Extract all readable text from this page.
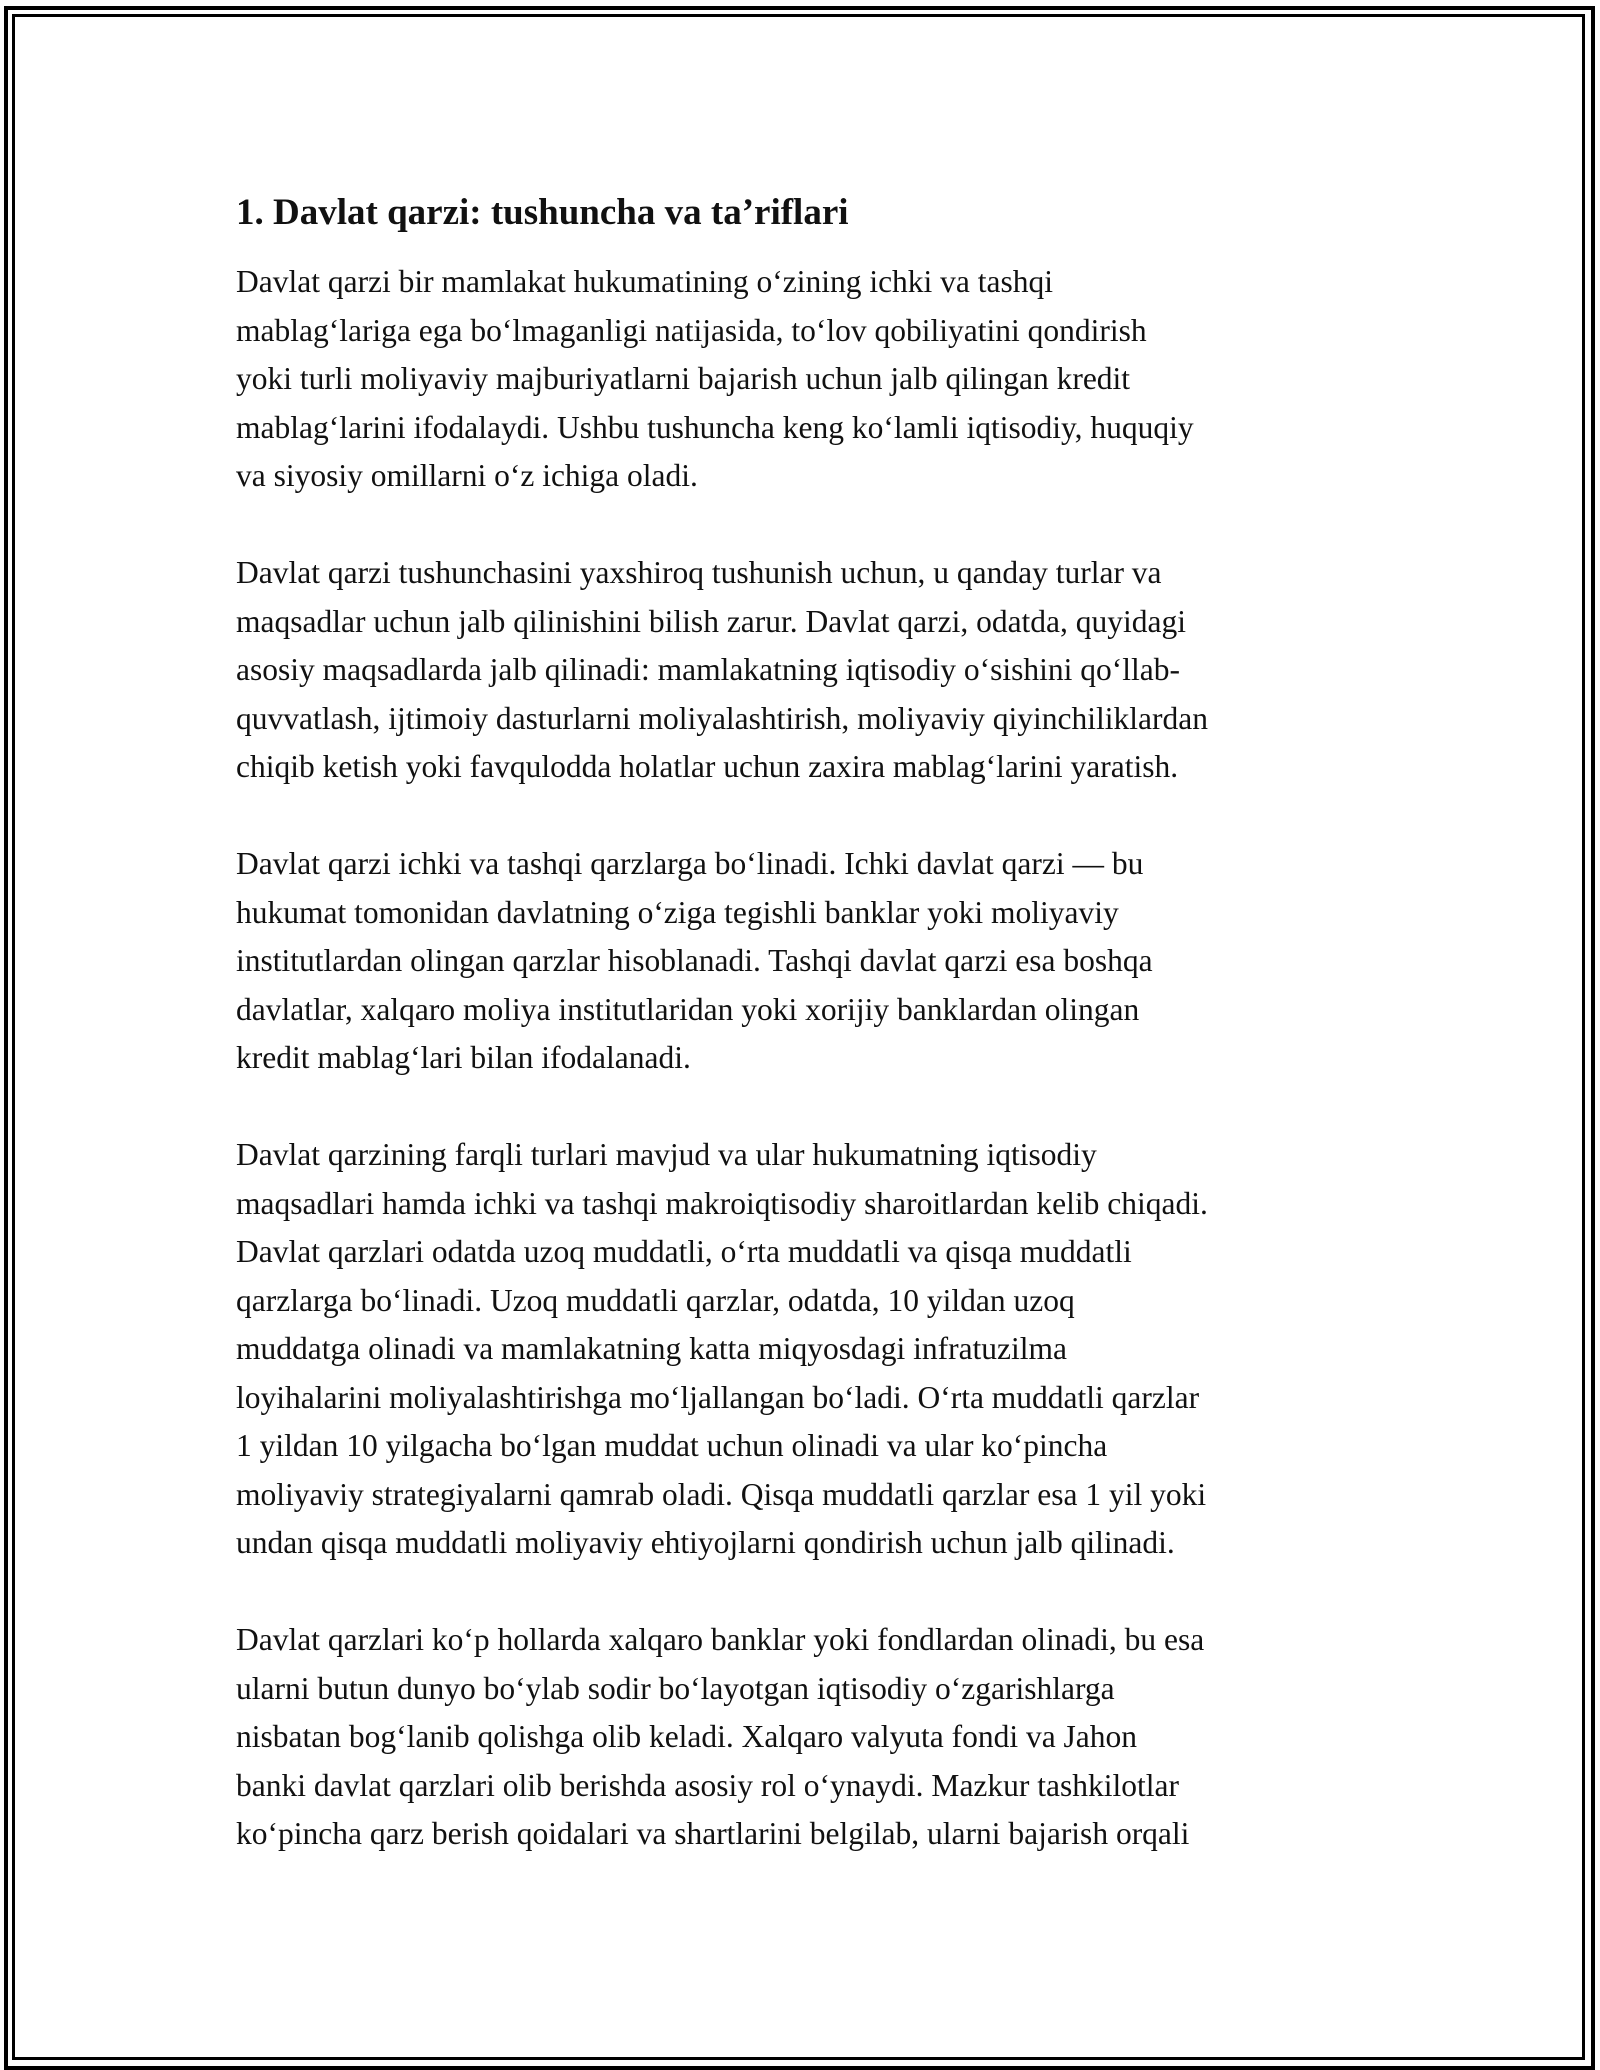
1. Davlat qarzi: tushuncha va ta’riflari

Davlat qarzi bir mamlakat hukumatining o‘zining ichki va tashqi
mablag‘lariga ega bo‘lmaganligi natijasida, to‘lov qobiliyatini qondirish
yoki turli moliyaviy majburiyatlarni bajarish uchun jalb qilingan kredit
mablag‘larini ifodalaydi. Ushbu tushuncha keng ko‘lamli iqtisodiy, huquqiy
va siyosiy omillarni o‘z ichiga oladi.

Davlat qarzi tushunchasini yaxshiroq tushunish uchun, u qanday turlar va
maqsadlar uchun jalb qilinishini bilish zarur. Davlat qarzi, odatda, quyidagi
asosiy maqsadlarda jalb qilinadi: mamlakatning iqtisodiy o‘sishini qo‘llab-
quvvatlash, ijtimoiy dasturlarni moliyalashtirish, moliyaviy qiyinchiliklardan
chiqib ketish yoki favqulodda holatlar uchun zaxira mablag‘larini yaratish.

Davlat qarzi ichki va tashqi qarzlarga bo‘linadi. Ichki davlat qarzi — bu
hukumat tomonidan davlatning o‘ziga tegishli banklar yoki moliyaviy
institutlardan olingan qarzlar hisoblanadi. Tashqi davlat qarzi esa boshqa
davlatlar, xalqaro moliya institutlaridan yoki xorijiy banklardan olingan
kredit mablag‘lari bilan ifodalanadi.

Davlat qarzining farqli turlari mavjud va ular hukumatning iqtisodiy
maqsadlari hamda ichki va tashqi makroiqtisodiy sharoitlardan kelib chiqadi.
Davlat qarzlari odatda uzoq muddatli, o‘rta muddatli va qisqa muddatli
qarzlarga bo‘linadi. Uzoq muddatli qarzlar, odatda, 10 yildan uzoq
muddatga olinadi va mamlakatning katta miqyosdagi infratuzilma
loyihalarini moliyalashtirishga mo‘ljallangan bo‘ladi. O‘rta muddatli qarzlar
1 yildan 10 yilgacha bo‘lgan muddat uchun olinadi va ular ko‘pincha
moliyaviy strategiyalarni qamrab oladi. Qisqa muddatli qarzlar esa 1 yil yoki
undan qisqa muddatli moliyaviy ehtiyojlarni qondirish uchun jalb qilinadi.

Davlat qarzlari ko‘p hollarda xalqaro banklar yoki fondlardan olinadi, bu esa
ularni butun dunyo bo‘ylab sodir bo‘layotgan iqtisodiy o‘zgarishlarga
nisbatan bog‘lanib qolishga olib keladi. Xalqaro valyuta fondi va Jahon
banki davlat qarzlari olib berishda asosiy rol o‘ynaydi. Mazkur tashkilotlar
ko‘pincha qarz berish qoidalari va shartlarini belgilab, ularni bajarish orqali
